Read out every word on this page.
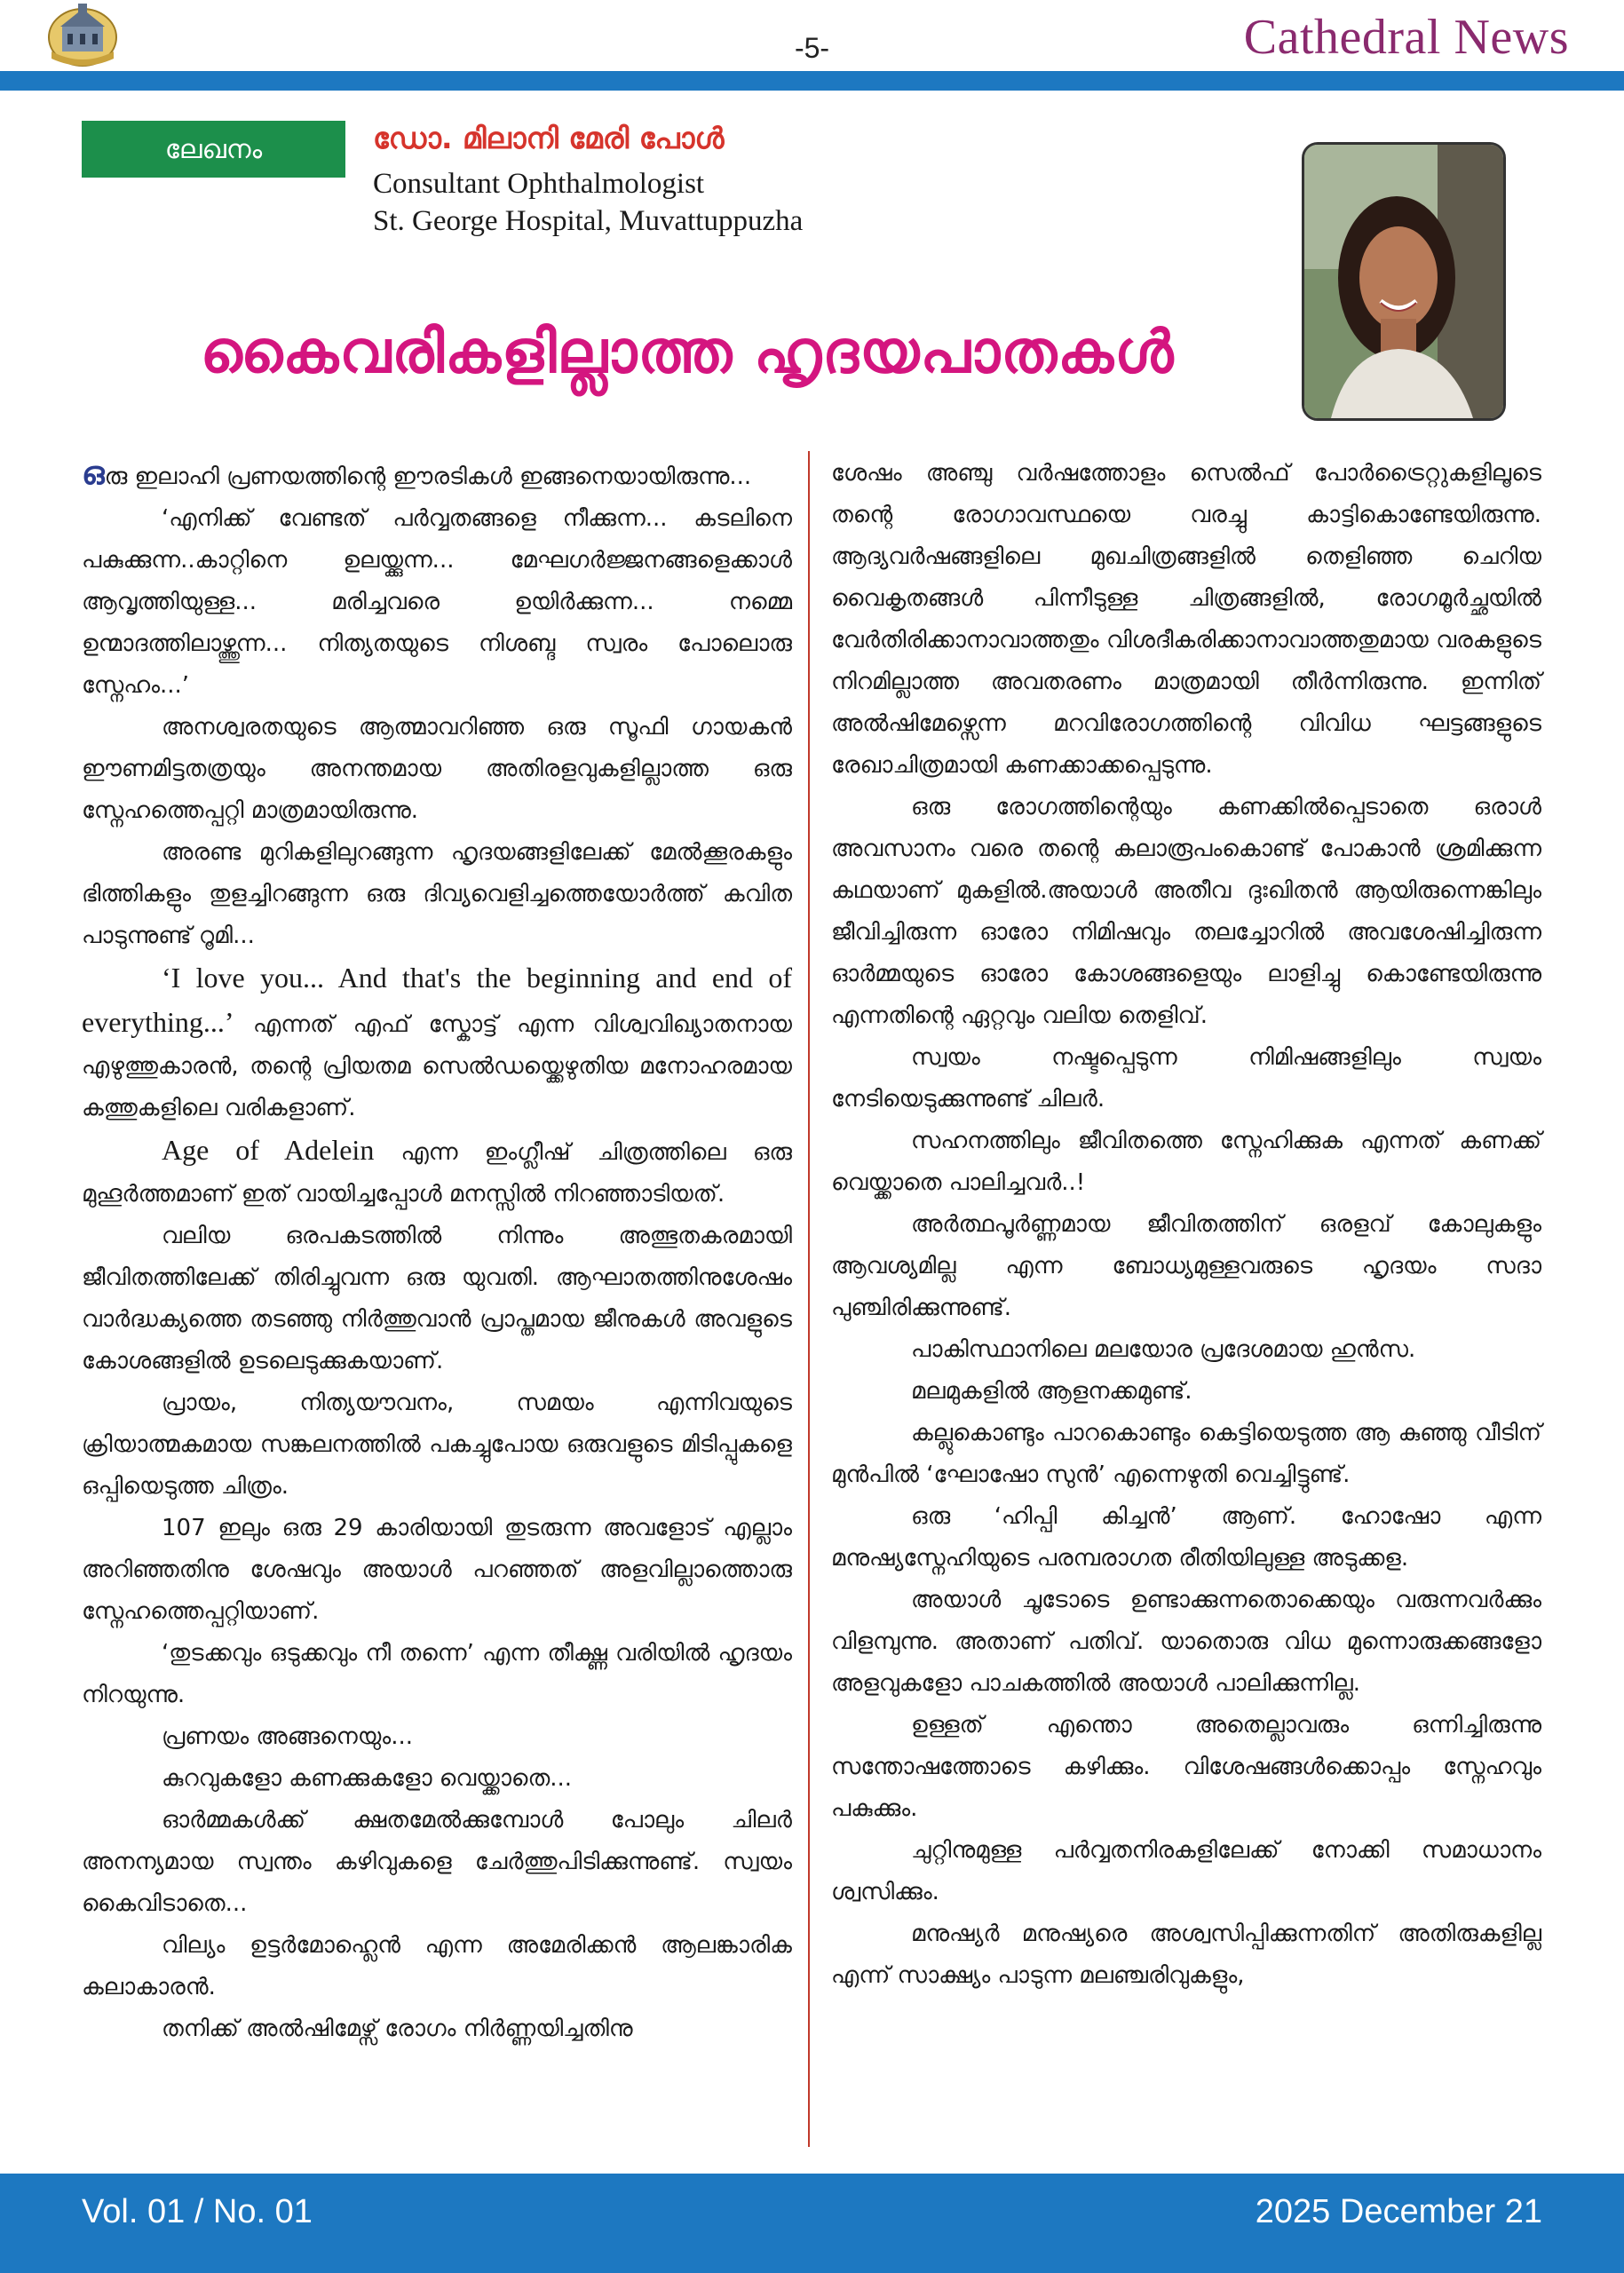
-5-	Cathedral News
ലേഖനം	ഡോ. മിലാനി മേരി പോൾ
Consultant Ophthalmologist
St. George Hospital, Muvattuppuzha
കൈവരികളില്ലാത്ത ഹൃദയപാതകൾ

ഒരു ഇലാഹി പ്രണയത്തിന്റെ ഈരടികൾ ഇങ്ങനെയായിരുന്നു...

‘എനിക്ക് വേണ്ടത് പർവ്വതങ്ങളെ നീക്കുന്ന... കടലിനെ പകുക്കുന്ന..കാറ്റിനെ ഉലയ്ക്കുന്ന... മേഘഗർജ്ജനങ്ങളെക്കാൾ ആവൃത്തിയുള്ള... മരിച്ചവരെ ഉയിർക്കുന്ന... നമ്മെ ഉന്മാദത്തിലാഴ്ത്തുന്ന... നിത്യതയുടെ നിശബ്ദ സ്വരം പോലൊരു സ്നേഹം...’

അനശ്വരതയുടെ ആത്മാവറിഞ്ഞ ഒരു സൂഫി ഗായകൻ ഈണമിട്ടതത്രയും അനന്തമായ അതിരളവുകളില്ലാത്ത ഒരു സ്നേഹത്തെപ്പറ്റി മാത്രമായിരുന്നു.

അരണ്ട മുറികളിലുറങ്ങുന്ന ഹൃദയങ്ങളിലേക്ക് മേൽക്കൂരകളും ഭിത്തികളും തുളച്ചിറങ്ങുന്ന ഒരു ദിവ്യവെളിച്ചത്തെയോർത്ത് കവിത പാടുന്നുണ്ട് റൂമി...

‘I love you... And that's the beginning and end of everything...’ എന്നത് എഫ് സ്കോട്ട് എന്ന വിശ്വവിഖ്യാതനായ എഴുത്തുകാരൻ, തന്റെ പ്രിയതമ സെൽഡയ്ക്കെഴുതിയ മനോഹരമായ കത്തുകളിലെ വരികളാണ്.

Age of Adelein എന്ന ഇംഗ്ലീഷ് ചിത്രത്തിലെ ഒരു മുഹൂർത്തമാണ് ഇത് വായിച്ചപ്പോൾ മനസ്സിൽ നിറഞ്ഞാടിയത്.

വലിയ ഒരപകടത്തിൽ നിന്നും അത്ഭുതകരമായി ജീവിതത്തിലേക്ക് തിരിച്ചുവന്ന ഒരു യുവതി. ആഘാതത്തിനുശേഷം വാർദ്ധക്യത്തെ തടഞ്ഞു നിർത്തുവാൻ പ്രാപ്തമായ ജീനുകൾ അവളുടെ കോശങ്ങളിൽ ഉടലെടുക്കുകയാണ്.

പ്രായം, നിത്യയൗവനം, സമയം എന്നിവയുടെ ക്രിയാത്മകമായ സങ്കലനത്തിൽ പകച്ചുപോയ ഒരുവളുടെ മിടിപ്പുകളെ ഒപ്പിയെടുത്ത ചിത്രം.

107 ഇലും ഒരു 29 കാരിയായി തുടരുന്ന അവളോട് എല്ലാം അറിഞ്ഞതിനു ശേഷവും അയാൾ പറഞ്ഞത് അളവില്ലാത്തൊരു സ്നേഹത്തെപ്പറ്റിയാണ്.

‘തുടക്കവും ഒടുക്കവും നീ തന്നെ’ എന്ന തീക്ഷ്ണ വരിയിൽ ഹൃദയം നിറയുന്നു.

പ്രണയം അങ്ങനെയും...

കുറവുകളോ കണക്കുകളോ വെയ്ക്കാതെ...

ഓർമ്മകൾക്ക് ക്ഷതമേൽക്കുമ്പോൾ പോലും ചിലർ അനന്യമായ സ്വന്തം കഴിവുകളെ ചേർത്തുപിടിക്കുന്നുണ്ട്. സ്വയം കൈവിടാതെ...

വില്യം ഉട്ടർമോഹ്ലെൻ എന്ന അമേരിക്കൻ ആലങ്കാരിക കലാകാരൻ.

തനിക്ക് അൽഷിമേഴ്സ് രോഗം നിർണ്ണയിച്ചതിനു

ശേഷം അഞ്ചു വർഷത്തോളം സെൽഫ് പോർട്രൈറ്റുകളിലൂടെ തന്റെ രോഗാവസ്ഥയെ വരച്ചു കാട്ടികൊണ്ടേയിരുന്നു. ആദ്യവർഷങ്ങളിലെ മുഖചിത്രങ്ങളിൽ തെളിഞ്ഞ ചെറിയ വൈകൃതങ്ങൾ പിന്നീടുള്ള ചിത്രങ്ങളിൽ, രോഗമൂർച്ഛയിൽ വേർതിരിക്കാനാവാത്തതും വിശദീകരിക്കാനാവാത്തതുമായ വരകളുടെ നിറമില്ലാത്ത അവതരണം മാത്രമായി തീർന്നിരുന്നു. ഇന്നിത് അൽഷിമേഴ്സെന്ന മറവിരോഗത്തിന്റെ വിവിധ ഘട്ടങ്ങളുടെ രേഖാചിത്രമായി കണക്കാക്കപ്പെടുന്നു.

ഒരു രോഗത്തിന്റെയും കണക്കിൽപ്പെടാതെ ഒരാൾ അവസാനം വരെ തന്റെ കലാരൂപംകൊണ്ട് പോകാൻ ശ്രമിക്കുന്ന കഥയാണ് മുകളിൽ.അയാൾ അതീവ ദുഃഖിതൻ ആയിരുന്നെങ്കിലും ജീവിച്ചിരുന്ന ഓരോ നിമിഷവും തലച്ചോറിൽ അവശേഷിച്ചിരുന്ന ഓർമ്മയുടെ ഓരോ കോശങ്ങളെയും ലാളിച്ചു കൊണ്ടേയിരുന്നു എന്നതിന്റെ ഏറ്റവും വലിയ തെളിവ്.

സ്വയം നഷ്ടപ്പെടുന്ന നിമിഷങ്ങളിലും സ്വയം നേടിയെടുക്കുന്നുണ്ട് ചിലർ.

സഹനത്തിലും ജീവിതത്തെ സ്നേഹിക്കുക എന്നത് കണക്ക് വെയ്ക്കാതെ പാലിച്ചവർ..!

അർത്ഥപൂർണ്ണമായ ജീവിതത്തിന് ഒരളവ് കോലുകളും ആവശ്യമില്ല എന്ന ബോധ്യമുള്ളവരുടെ ഹൃദയം സദാ പുഞ്ചിരിക്കുന്നുണ്ട്.

പാകിസ്ഥാനിലെ മലയോര പ്രദേശമായ ഹുൻസ.

മലമുകളിൽ ആളനക്കമുണ്ട്.

കല്ലുകൊണ്ടും പാറകൊണ്ടും കെട്ടിയെടുത്ത ആ കുഞ്ഞു വീടിന് മുൻപിൽ ‘ഘോഷോ സുൻ’ എന്നെഴുതി വെച്ചിട്ടുണ്ട്.

ഒരു ‘ഹിപ്പി കിച്ചൻ’ ആണ്. ഹോഷോ എന്ന മനുഷ്യസ്നേഹിയുടെ പരമ്പരാഗത രീതിയിലുള്ള അടുക്കള.

അയാൾ ചൂടോടെ ഉണ്ടാക്കുന്നതൊക്കെയും വരുന്നവർക്കും വിളമ്പുന്നു. അതാണ് പതിവ്. യാതൊരു വിധ മുന്നൊരുക്കങ്ങളോ അളവുകളോ പാചകത്തിൽ അയാൾ പാലിക്കുന്നില്ല.

ഉള്ളത് എന്തൊ അതെല്ലാവരും ഒന്നിച്ചിരുന്നു സന്തോഷത്തോടെ കഴിക്കും. വിശേഷങ്ങൾക്കൊപ്പം സ്നേഹവും പകുക്കും.

ചുറ്റിനുമുള്ള പർവ്വതനിരകളിലേക്ക് നോക്കി സമാധാനം ശ്വസിക്കും.

മനുഷ്യർ മനുഷ്യരെ അശ്വസിപ്പിക്കുന്നതിന് അതിരുകളില്ല എന്ന് സാക്ഷ്യം പാടുന്ന മലഞ്ചരിവുകളും,

Vol. 01 / No. 01	2025 December 21
